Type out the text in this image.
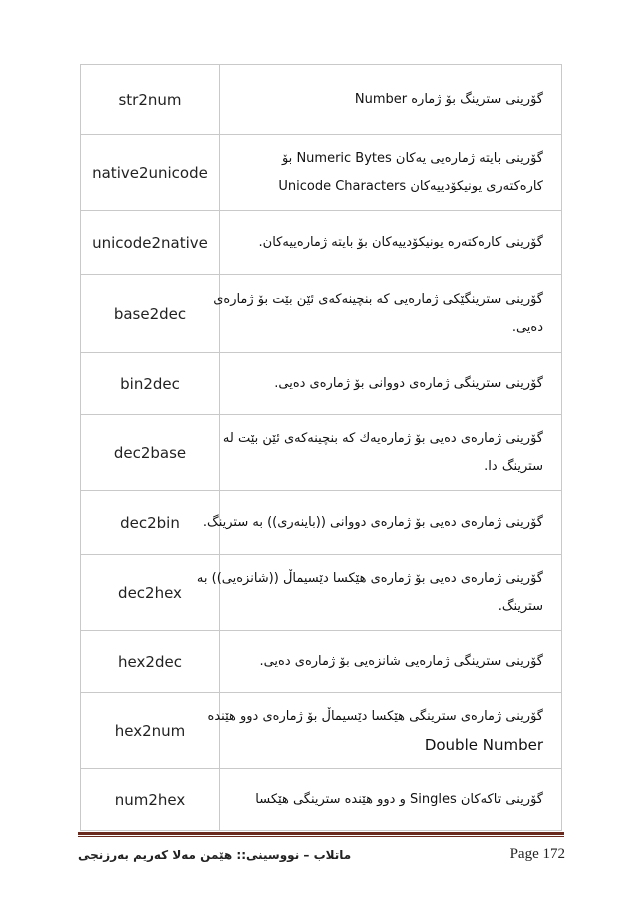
str2num	گۆرینی سترینگ بۆ ژمارە Number

native2unicode	گۆرینی بایتە ژمارەیی یەکان Numeric Bytes بۆ
کارەکتەری یونیکۆدییەکان Unicode Characters

unicode2native	گۆرینی کارەکتەرە یونیکۆدییەکان بۆ بایتە ژمارەییەکان.

base2dec	گۆرینی سترینگێکی ژمارەیی کە بنچینەکەی ئێن بێت بۆ ژمارەی
دەیی.

bin2dec	گۆرینی سترینگی ژمارەی دووانی بۆ ژمارەی دەیی.

dec2base	گۆرینی ژمارەی دەیی بۆ ژمارەیەك کە بنچینەکەی ئێن بێت لە
سترینگ دا.

dec2bin	گۆرینی ژمارەی دەیی بۆ ژمارەی دووانی ((باینەری)) بە سترینگ.

dec2hex	گۆرینی ژمارەی دەیی بۆ ژمارەی هێکسا دێسیماڵ ((شانزەیی)) بە
سترینگ.

hex2dec	گۆرینی سترینگی ژمارەیی شانزەیی بۆ ژمارەی دەیی.

hex2num	گۆرینی ژمارەی سترینگی هێکسا دێسیماڵ بۆ ژمارەی دوو هێندە
Double Number

num2hex	گۆرینی تاکەکان Singles و دوو هێندە سترینگی هێکسا
Page 172
ماتلاب – نووسینی:: هێمن مەلا کەریم بەرزنجی
